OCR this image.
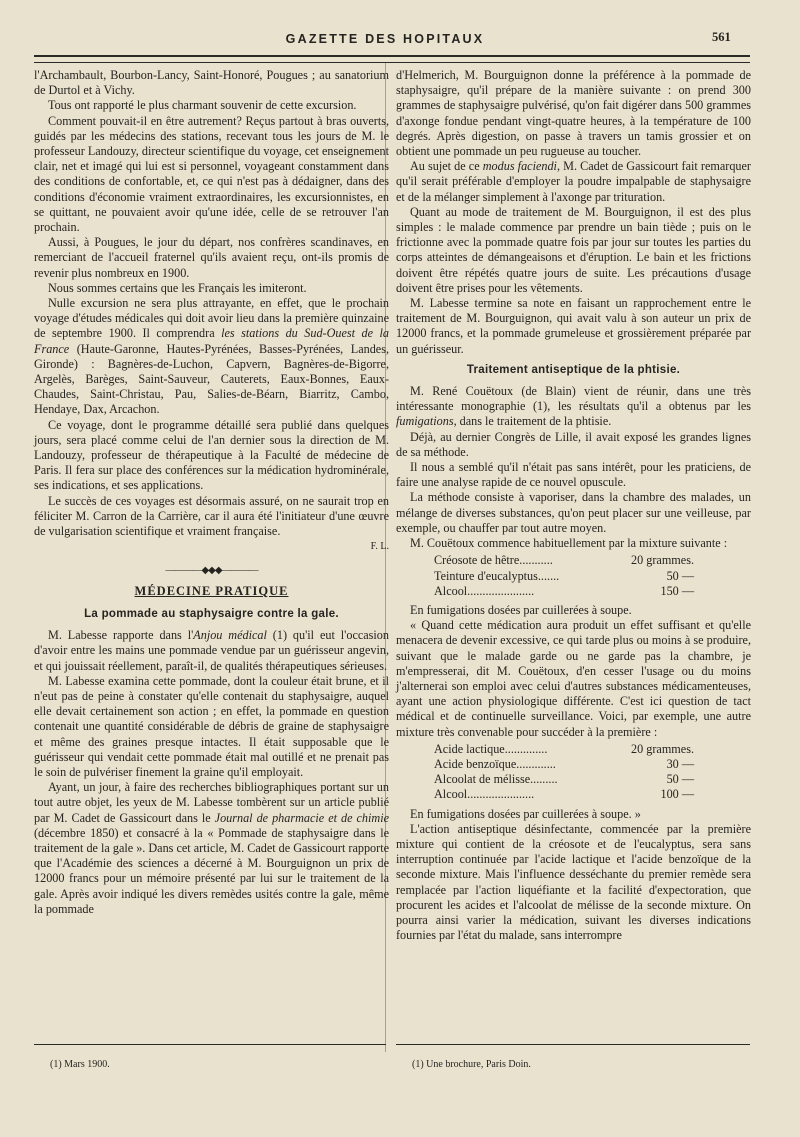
GAZETTE DES HOPITAUX	561

l'Archambault, Bourbon-Lancy, Saint-Honoré, Pougues ; au sanatorium de Durtol et à Vichy.

Tous ont rapporté le plus charmant souvenir de cette excursion.

Comment pouvait-il en être autrement? Reçus partout à bras ouverts, guidés par les médecins des stations, recevant tous les jours de M. le professeur Landouzy, directeur scientifique du voyage, cet enseignement clair, net et imagé qui lui est si personnel, voyageant constamment dans des conditions de confortable, et, ce qui n'est pas à dédaigner, dans des conditions d'économie vraiment extraordinaires, les excursionnistes, en se quittant, ne pouvaient avoir qu'une idée, celle de se retrouver l'an prochain.

Aussi, à Pougues, le jour du départ, nos confrères scandinaves, en remerciant de l'accueil fraternel qu'ils avaient reçu, ont-ils promis de revenir plus nombreux en 1900.

Nous sommes certains que les Français les imiteront.

Nulle excursion ne sera plus attrayante, en effet, que le prochain voyage d'études médicales qui doit avoir lieu dans la première quinzaine de septembre 1900. Il comprendra les stations du Sud-Ouest de la France (Haute-Garonne, Hautes-Pyrénées, Basses-Pyrénées, Landes, Gironde) : Bagnères-de-Luchon, Capvern, Bagnères-de-Bigorre, Argelès, Barèges, Saint-Sauveur, Cauterets, Eaux-Bonnes, Eaux-Chaudes, Saint-Christau, Pau, Salies-de-Béarn, Biarritz, Cambo, Hendaye, Dax, Arcachon.

Ce voyage, dont le programme détaillé sera publié dans quelques jours, sera placé comme celui de l'an dernier sous la direction de M. Landouzy, professeur de thérapeutique à la Faculté de médecine de Paris. Il fera sur place des conférences sur la médication hydrominérale, ses indications, et ses applications.

Le succès de ces voyages est désormais assuré, on ne saurait trop en féliciter M. Carron de la Carrière, car il aura été l'initiateur d'une œuvre de vulgarisation scientifique et vraiment française.

F. L.
————◆◆◆————
MÉDECINE PRATIQUE
La pommade au staphysaigre contre la gale.

M. Labesse rapporte dans l'Anjou médical (1) qu'il eut l'occasion d'avoir entre les mains une pommade vendue par un guérisseur angevin, et qui jouissait réellement, paraît-il, de qualités thérapeutiques sérieuses.

M. Labesse examina cette pommade, dont la couleur était brune, et il n'eut pas de peine à constater qu'elle contenait du staphysaigre, auquel elle devait certainement son action ; en effet, la pommade en question contenait une quantité considérable de débris de graine de staphysaigre et même des graines presque intactes. Il était supposable que le guérisseur qui vendait cette pommade était mal outillé et ne prenait pas le soin de pulvériser finement la graine qu'il employait.

Ayant, un jour, à faire des recherches bibliographiques portant sur un tout autre objet, les yeux de M. Labesse tombèrent sur un article publié par M. Cadet de Gassicourt dans le Journal de pharmacie et de chimie (décembre 1850) et consacré à la « Pommade de staphysaigre dans le traitement de la gale ». Dans cet article, M. Cadet de Gassicourt rapporte que l'Académie des sciences a décerné à M. Bourguignon un prix de 12000 francs pour un mémoire présenté par lui sur le traitement de la gale. Après avoir indiqué les divers remèdes usités contre la gale, même la pommade

d'Helmerich, M. Bourguignon donne la préférence à la pommade de staphysaigre, qu'il prépare de la manière suivante : on prend 300 grammes de staphysaigre pulvérisé, qu'on fait digérer dans 500 grammes d'axonge fondue pendant vingt-quatre heures, à la température de 100 degrés. Après digestion, on passe à travers un tamis grossier et on obtient une pommade un peu rugueuse au toucher.

Au sujet de ce modus faciendi, M. Cadet de Gassicourt fait remarquer qu'il serait préférable d'employer la poudre impalpable de staphysaigre et de la mélanger simplement à l'axonge par trituration.

Quant au mode de traitement de M. Bourguignon, il est des plus simples : le malade commence par prendre un bain tiède ; puis on le frictionne avec la pommade quatre fois par jour sur toutes les parties du corps atteintes de démangeaisons et d'éruption. Le bain et les frictions doivent être répétés quatre jours de suite. Les précautions d'usage doivent être prises pour les vêtements.

M. Labesse termine sa note en faisant un rapprochement entre le traitement de M. Bourguignon, qui avait valu à son auteur un prix de 12000 francs, et la pommade grumeleuse et grossièrement préparée par un guérisseur.

Traitement antiseptique de la phtisie.

M. René Couëtoux (de Blain) vient de réunir, dans une très intéressante monographie (1), les résultats qu'il a obtenus par les fumigations, dans le traitement de la phtisie.

Déjà, au dernier Congrès de Lille, il avait exposé les grandes lignes de sa méthode.

Il nous a semblé qu'il n'était pas sans intérêt, pour les praticiens, de faire une analyse rapide de ce nouvel opuscule.

La méthode consiste à vaporiser, dans la chambre des malades, un mélange de diverses substances, qu'on peut placer sur une veilleuse, par exemple, ou chauffer par tout autre moyen.

M. Couëtoux commence habituellement par la mixture suivante :

Créosote de hêtre...........	20 grammes.
Teinture d'eucalyptus.......	50 —
Alcool......................	150 —

En fumigations dosées par cuillerées à soupe.

« Quand cette médication aura produit un effet suffisant et qu'elle menacera de devenir excessive, ce qui tarde plus ou moins à se produire, suivant que le malade garde ou ne garde pas la chambre, je m'empresserai, dit M. Couëtoux, d'en cesser l'usage ou du moins j'alternerai son emploi avec celui d'autres substances médicamenteuses, ayant une action physiologique différente. C'est ici question de tact médical et de continuelle surveillance. Voici, par exemple, une autre mixture très convenable pour succéder à la première :

Acide lactique..............	20 grammes.
Acide benzoïque.............	30 —
Alcoolat de mélisse.........	50 —
Alcool......................	100 —

En fumigations dosées par cuillerées à soupe. »

L'action antiseptique désinfectante, commencée par la première mixture qui contient de la créosote et de l'eucalyptus, sera sans interruption continuée par l'acide lactique et l'acide benzoïque de la seconde mixture. Mais l'influence desséchante du premier remède sera remplacée par l'action liquéfiante et la facilité d'expectoration, que procurent les acides et l'alcoolat de mélisse de la seconde mixture. On pourra ainsi varier la médication, suivant les diverses indications fournies par l'état du malade, sans interrompre

(1) Mars 1900.	(1) Une brochure, Paris Doin.
